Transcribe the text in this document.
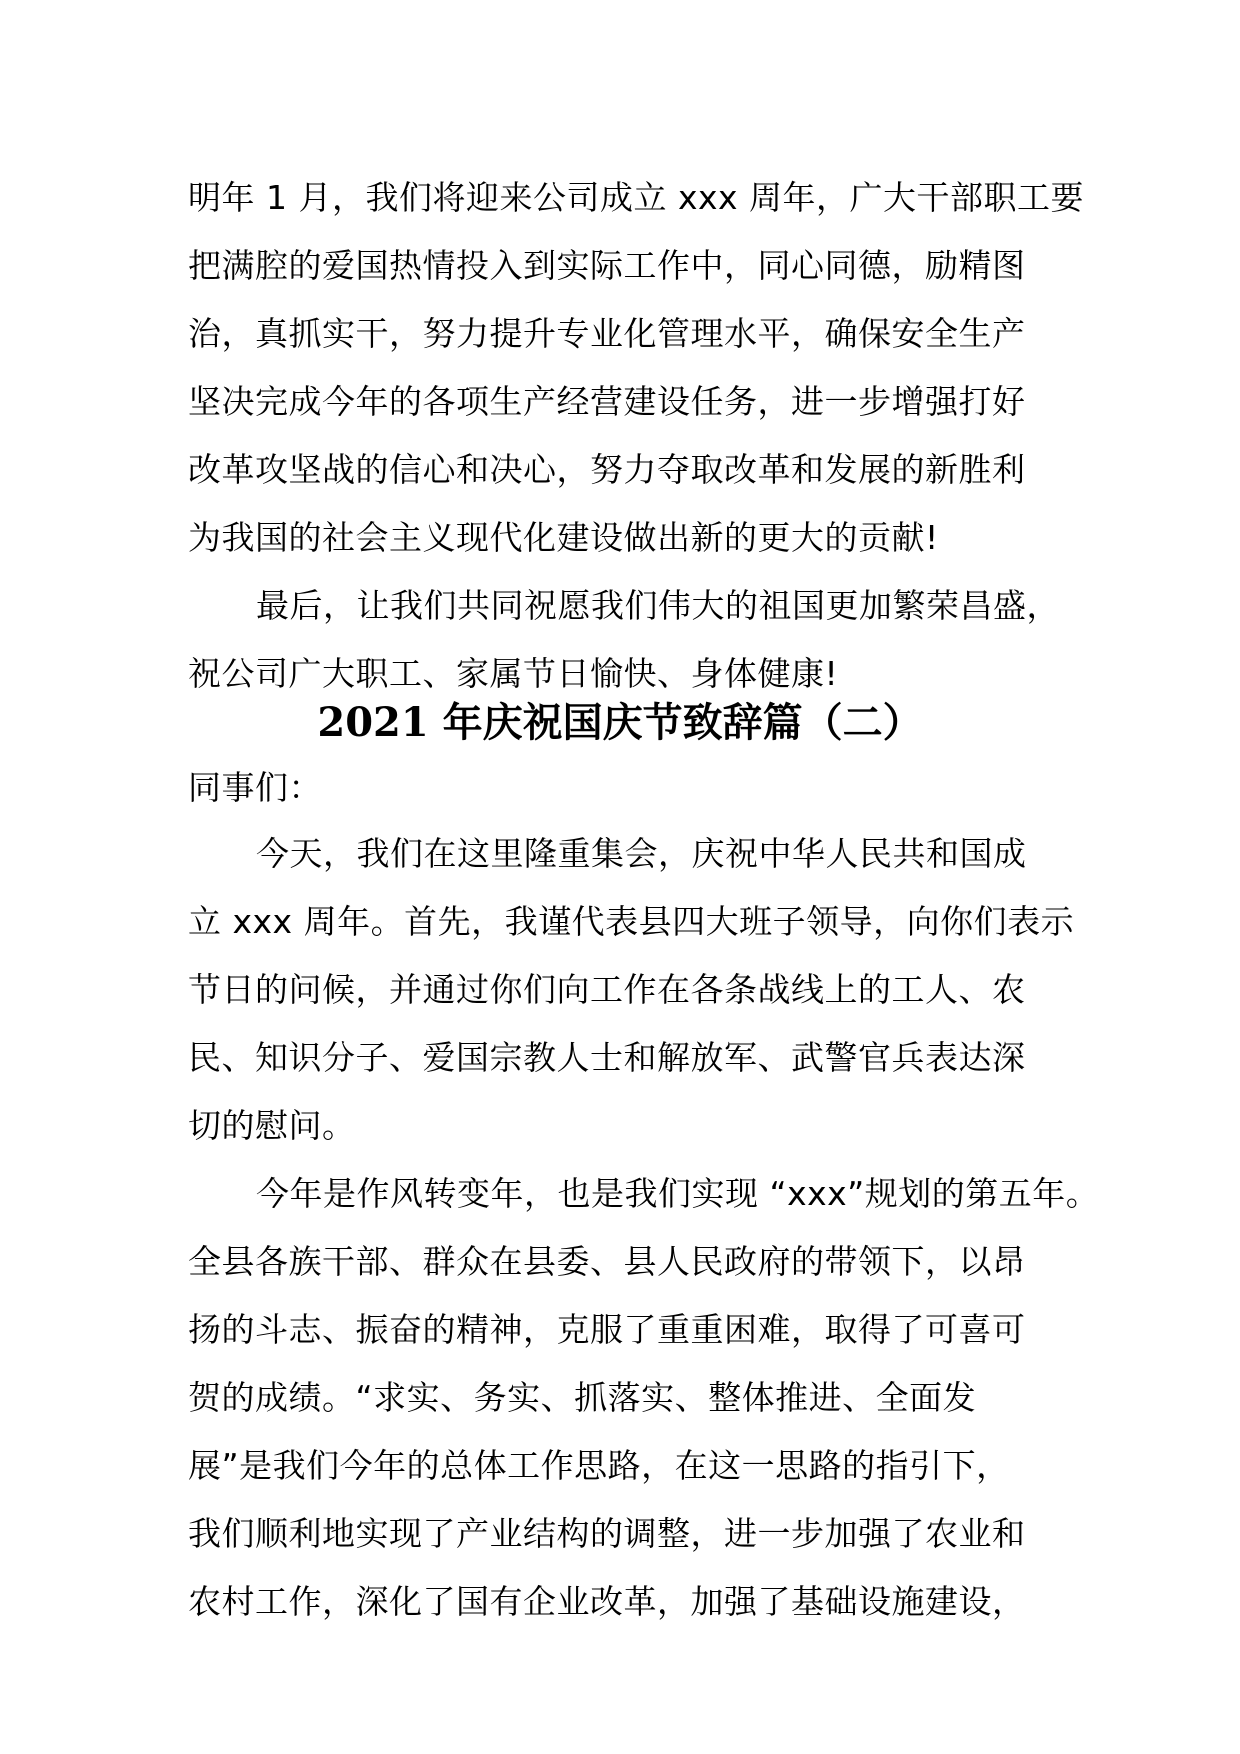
明年 1 月，我们将迎来公司成立 xxx 周年，广大干部职工要
把满腔的爱国热情投入到实际工作中，同心同德，励精图
治，真抓实干，努力提升专业化管理水平，确保安全生产
坚决完成今年的各项生产经营建设任务，进一步增强打好
改革攻坚战的信心和决心，努力夺取改革和发展的新胜利
为我国的社会主义现代化建设做出新的更大的贡献!
最后，让我们共同祝愿我们伟大的祖国更加繁荣昌盛，
祝公司广大职工、家属节日愉快、身体健康!
2021 年庆祝国庆节致辞篇（二）
同事们：
今天，我们在这里隆重集会，庆祝中华人民共和国成
立 xxx 周年。首先，我谨代表县四大班子领导，向你们表示
节日的问候，并通过你们向工作在各条战线上的工人、农
民、知识分子、爱国宗教人士和解放军、武警官兵表达深
切的慰问。
今年是作风转变年，也是我们实现 “xxx”规划的第五年。
全县各族干部、群众在县委、县人民政府的带领下，以昂
扬的斗志、振奋的精神，克服了重重困难，取得了可喜可
贺的成绩。“求实、务实、抓落实、整体推进、全面发
展”是我们今年的总体工作思路，在这一思路的指引下，
我们顺利地实现了产业结构的调整，进一步加强了农业和
农村工作，深化了国有企业改革，加强了基础设施建设，
